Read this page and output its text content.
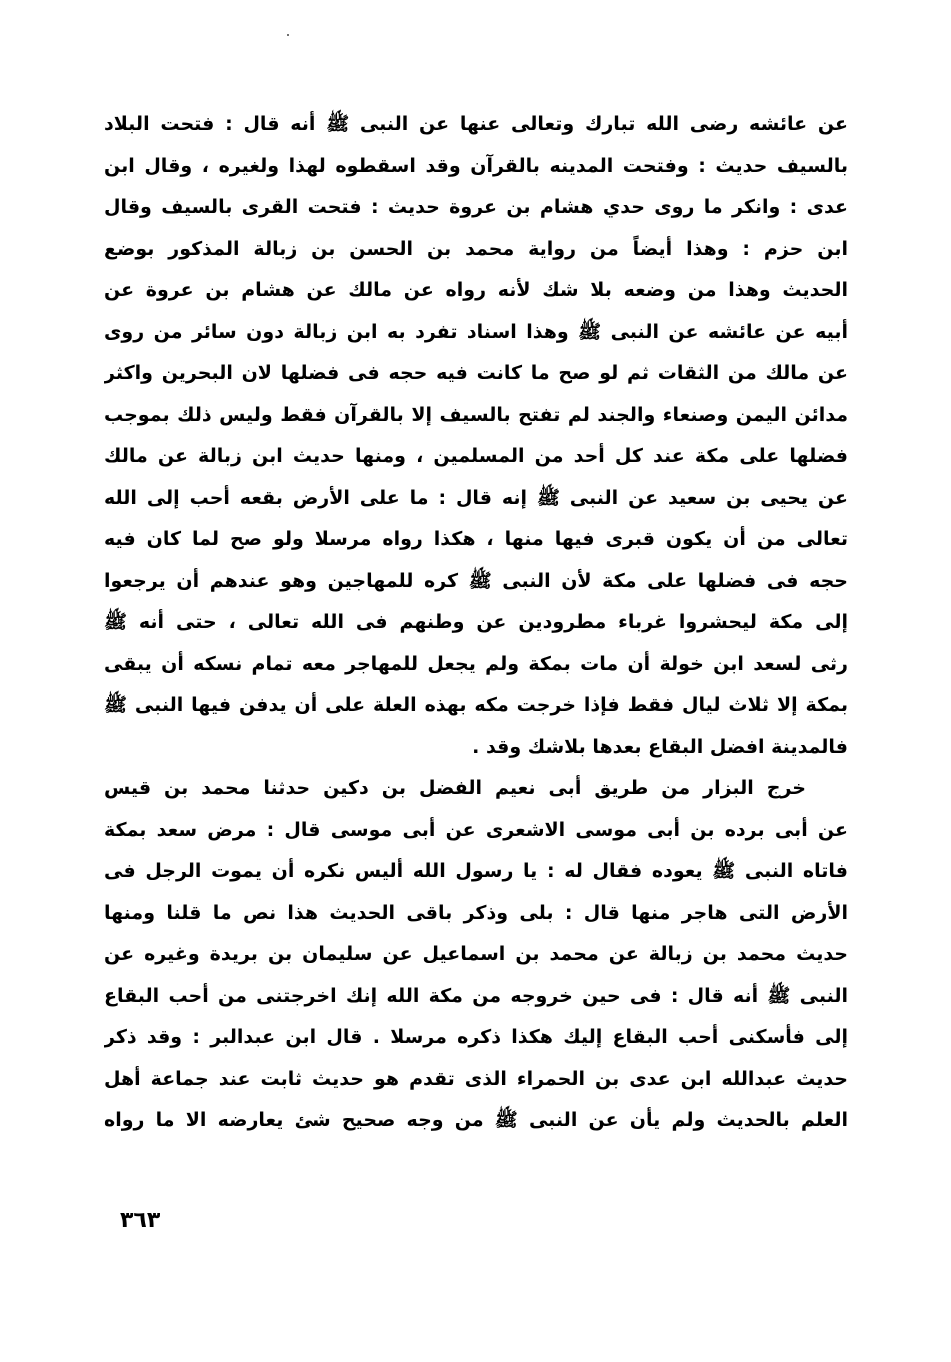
عن عائشه رضى الله تبارك وتعالى عنها عن النبى ﷺ أنه قال : فتحت البلاد
بالسيف حديث : وفتحت المدينه بالقرآن وقد اسقطوه لهذا ولغيره ، وقال ابن
عدى : وانكر ما روى حدي هشام بن عروة حديث : فتحت القرى بالسيف وقال
ابن حزم : وهذا أيضاً من رواية محمد بن الحسن بن زبالة المذكور بوضع
الحديث وهذا من وضعه بلا شك لأنه رواه عن مالك عن هشام بن عروة عن
أبيه عن عائشه عن النبى ﷺ وهذا اسناد تفرد به ابن زبالة دون سائر من روى
عن مالك من الثقات ثم لو صح ما كانت فيه حجه فى فضلها لان البحرين واكثر
مدائن اليمن وصنعاء والجند لم تفتح بالسيف إلا بالقرآن فقط وليس ذلك بموجب
فضلها على مكة عند كل أحد من المسلمين ، ومنها حديث ابن زبالة عن مالك
عن يحيى بن سعيد عن النبى ﷺ إنه قال : ما على الأرض بقعه أحب إلى الله
تعالى من أن يكون قبرى فيها منها ، هكذا رواه مرسلا ولو صح لما كان فيه
حجه فى فضلها على مكة لأن النبى ﷺ كره للمهاجين وهو عندهم أن يرجعوا
إلى مكة ليحشروا غرباء مطرودين عن وطنهم فى الله تعالى ، حتى أنه ﷺ
رثى لسعد ابن خولة أن مات بمكة ولم يجعل للمهاجر معه تمام نسكه أن يبقى
بمكة إلا ثلاث ليال فقط فإذا خرجت مكه بهذه العلة على أن يدفن فيها النبى ﷺ
فالمدينة افضل البقاع بعدها بلاشك وقد .
خرج البزار من طريق أبى نعيم الفضل بن دكين حدثنا محمد بن قيس
عن أبى برده بن أبى موسى الاشعرى عن أبى موسى قال : مرض سعد بمكة
فاتاه النبى ﷺ يعوده فقال له : يا رسول الله أليس نكره أن يموت الرجل فى
الأرض التى هاجر منها قال : بلى وذكر باقى الحديث هذا نص ما قلنا ومنها
حديث محمد بن زبالة عن محمد بن اسماعيل عن سليمان بن بريدة وغيره عن
النبى ﷺ أنه قال : فى حين خروجه من مكة الله إنك اخرجتنى من أحب البقاع
إلى فأسكنى أحب البقاع إليك هكذا ذكره مرسلا . قال ابن عبدالبر : وقد ذكر
حديث عبدالله ابن عدى بن الحمراء الذى تقدم هو حديث ثابت عند جماعة أهل
العلم بالحديث ولم يأن عن النبى ﷺ من وجه صحيح شئ يعارضه الا ما رواه
٣٦٣
